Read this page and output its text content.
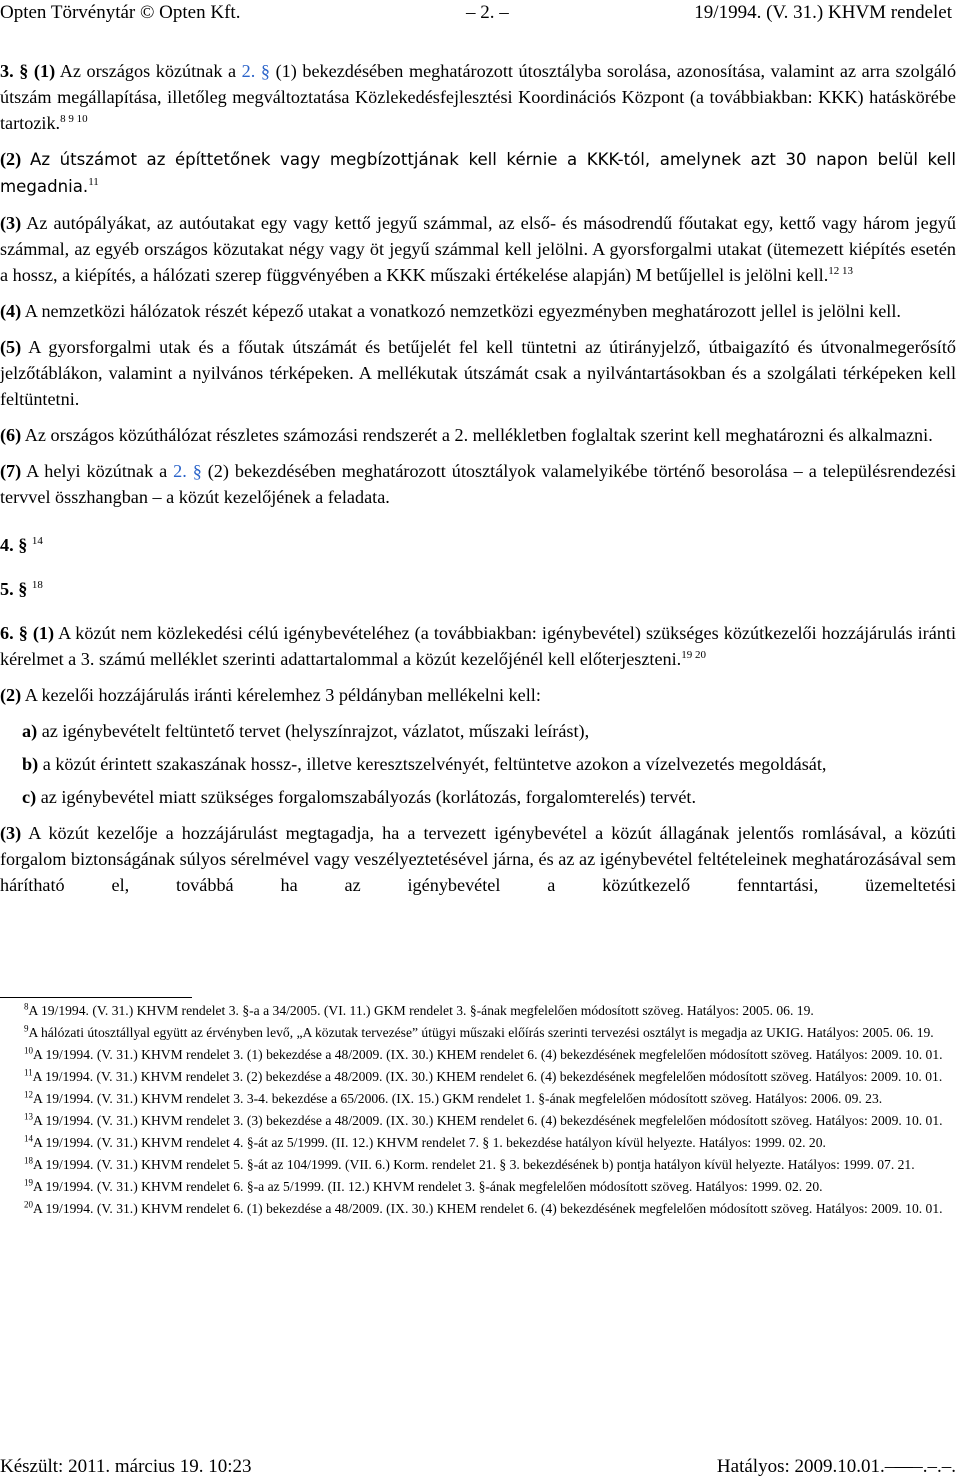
Opten Törvénytár © Opten Kft.	– 2. –	19/1994. (V. 31.) KHVM rendelet

3. § (1) Az országos közútnak a 2. § (1) bekezdésében meghatározott útosztályba sorolása, azonosítása, valamint az arra szolgáló útszám megállapítása, illetőleg megváltoztatása Közlekedésfejlesztési Koordinációs Központ (a továbbiakban: KKK) hatáskörébe tartozik.$^{8 9 10}$

(2) Az útszámot az építtetőnek vagy megbízottjának kell kérnie a KKK-tól, amelynek azt 30 napon belül kell megadnia.$^{11}$

(3) Az autópályákat, az autóutakat egy vagy kettő jegyű számmal, az első- és másodrendű főutakat egy, kettő vagy három jegyű számmal, az egyéb országos közutakat négy vagy öt jegyű számmal kell jelölni. A gyorsforgalmi utakat (ütemezett kiépítés esetén a hossz, a kiépítés, a hálózati szerep függvényében a KKK műszaki értékelése alapján) M betűjellel is jelölni kell.$^{12 13}$

(4) A nemzetközi hálózatok részét képező utakat a vonatkozó nemzetközi egyezményben meghatározott jellel is jelölni kell.

(5) A gyorsforgalmi utak és a főutak útszámát és betűjelét fel kell tüntetni az útirányjelző, útbaigazító és útvonalmegerősítő jelzőtáblákon, valamint a nyilvános térképeken. A mellékutak útszámát csak a nyilvántartásokban és a szolgálati térképeken kell feltüntetni.

(6) Az országos közúthálózat részletes számozási rendszerét a 2. mellékletben foglaltak szerint kell meghatározni és alkalmazni.

(7) A helyi közútnak a 2. § (2) bekezdésében meghatározott útosztályok valamelyikébe történő besorolása – a településrendezési tervvel összhangban – a közút kezelőjének a feladata.

4. § $^{14}$

5. § $^{18}$

6. § (1) A közút nem közlekedési célú igénybevételéhez (a továbbiakban: igénybevétel) szükséges közútkezelői hozzájárulás iránti kérelmet a 3. számú melléklet szerinti adattartalommal a közút kezelőjénél kell előterjeszteni.$^{19 20}$

(2) A kezelői hozzájárulás iránti kérelemhez 3 példányban mellékelni kell:

a) az igénybevételt feltüntető tervet (helyszínrajzot, vázlatot, műszaki leírást),

b) a közút érintett szakaszának hossz-, illetve keresztszelvényét, feltüntetve azokon a vízelvezetés megoldását,

c) az igénybevétel miatt szükséges forgalomszabályozás (korlátozás, forgalomterelés) tervét.

(3) A közút kezelője a hozzájárulást megtagadja, ha a tervezett igénybevétel a közút állagának jelentős romlásával, a közúti forgalom biztonságának súlyos sérelmével vagy veszélyeztetésével járna, és az az igénybevétel feltételeinek meghatározásával sem hárítható el, továbbá ha az igénybevétel a közútkezelő fenntartási, üzemeltetési

$^8$A 19/1994. (V. 31.) KHVM rendelet 3. §-a a 34/2005. (VI. 11.) GKM rendelet 3. §-ának megfelelően módosított szöveg. Hatályos: 2005. 06. 19.

$^9$A hálózati útosztállyal együtt az érvényben levő, „A közutak tervezése” útügyi műszaki előírás szerinti tervezési osztályt is megadja az UKIG. Hatályos: 2005. 06. 19.

$^{10}$A 19/1994. (V. 31.) KHVM rendelet 3. (1) bekezdése a 48/2009. (IX. 30.) KHEM rendelet 6. (4) bekezdésének megfelelően módosított szöveg. Hatályos: 2009. 10. 01.

$^{11}$A 19/1994. (V. 31.) KHVM rendelet 3. (2) bekezdése a 48/2009. (IX. 30.) KHEM rendelet 6. (4) bekezdésének megfelelően módosított szöveg. Hatályos: 2009. 10. 01.

$^{12}$A 19/1994. (V. 31.) KHVM rendelet 3. 3-4. bekezdése a 65/2006. (IX. 15.) GKM rendelet 1. §-ának megfelelően módosított szöveg. Hatályos: 2006. 09. 23.

$^{13}$A 19/1994. (V. 31.) KHVM rendelet 3. (3) bekezdése a 48/2009. (IX. 30.) KHEM rendelet 6. (4) bekezdésének megfelelően módosított szöveg. Hatályos: 2009. 10. 01.

$^{14}$A 19/1994. (V. 31.) KHVM rendelet 4. §-át az 5/1999. (II. 12.) KHVM rendelet 7. § 1. bekezdése hatályon kívül helyezte. Hatályos: 1999. 02. 20.

$^{18}$A 19/1994. (V. 31.) KHVM rendelet 5. §-át az 104/1999. (VII. 6.) Korm. rendelet 21. § 3. bekezdésének b) pontja hatályon kívül helyezte. Hatályos: 1999. 07. 21.

$^{19}$A 19/1994. (V. 31.) KHVM rendelet 6. §-a az 5/1999. (II. 12.) KHVM rendelet 3. §-ának megfelelően módosított szöveg. Hatályos: 1999. 02. 20.

$^{20}$A 19/1994. (V. 31.) KHVM rendelet 6. (1) bekezdése a 48/2009. (IX. 30.) KHEM rendelet 6. (4) bekezdésének megfelelően módosított szöveg. Hatályos: 2009. 10. 01.

Készült: 2011. március 19. 10:23	Hatályos: 2009.10.01.–—–.–.–.
